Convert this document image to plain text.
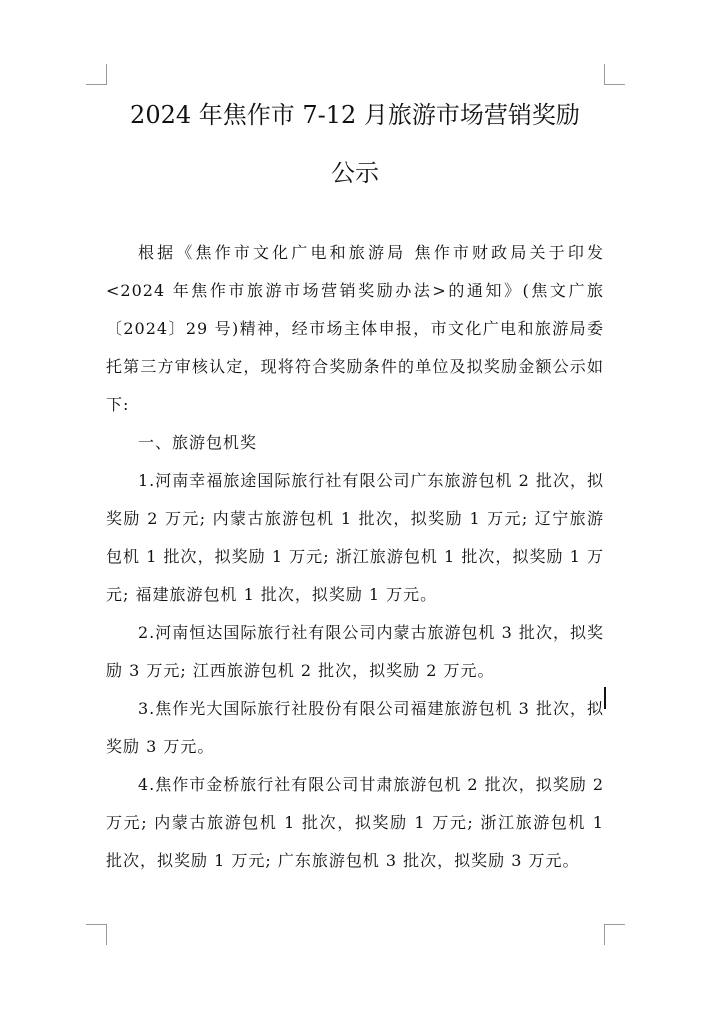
2024 年焦作市 7-12 月旅游市场营销奖励
公示

根据《焦作市文化广电和旅游局 焦作市财政局关于印发<2024 年焦作市旅游市场营销奖励办法>的通知》(焦文广旅〔2024〕29 号)精神，经市场主体申报，市文化广电和旅游局委托第三方审核认定，现将符合奖励条件的单位及拟奖励金额公示如下:

一、旅游包机奖

1.河南幸福旅途国际旅行社有限公司广东旅游包机 2 批次，拟奖励 2 万元; 内蒙古旅游包机 1 批次，拟奖励 1 万元; 辽宁旅游包机 1 批次，拟奖励 1 万元; 浙江旅游包机 1 批次，拟奖励 1 万元; 福建旅游包机 1 批次，拟奖励 1 万元。

2.河南恒达国际旅行社有限公司内蒙古旅游包机 3 批次，拟奖励 3 万元; 江西旅游包机 2 批次，拟奖励 2 万元。

3.焦作光大国际旅行社股份有限公司福建旅游包机 3 批次，拟奖励 3 万元。

4.焦作市金桥旅行社有限公司甘肃旅游包机 2 批次，拟奖励 2 万元; 内蒙古旅游包机 1 批次，拟奖励 1 万元; 浙江旅游包机 1 批次，拟奖励 1 万元; 广东旅游包机 3 批次，拟奖励 3 万元。
